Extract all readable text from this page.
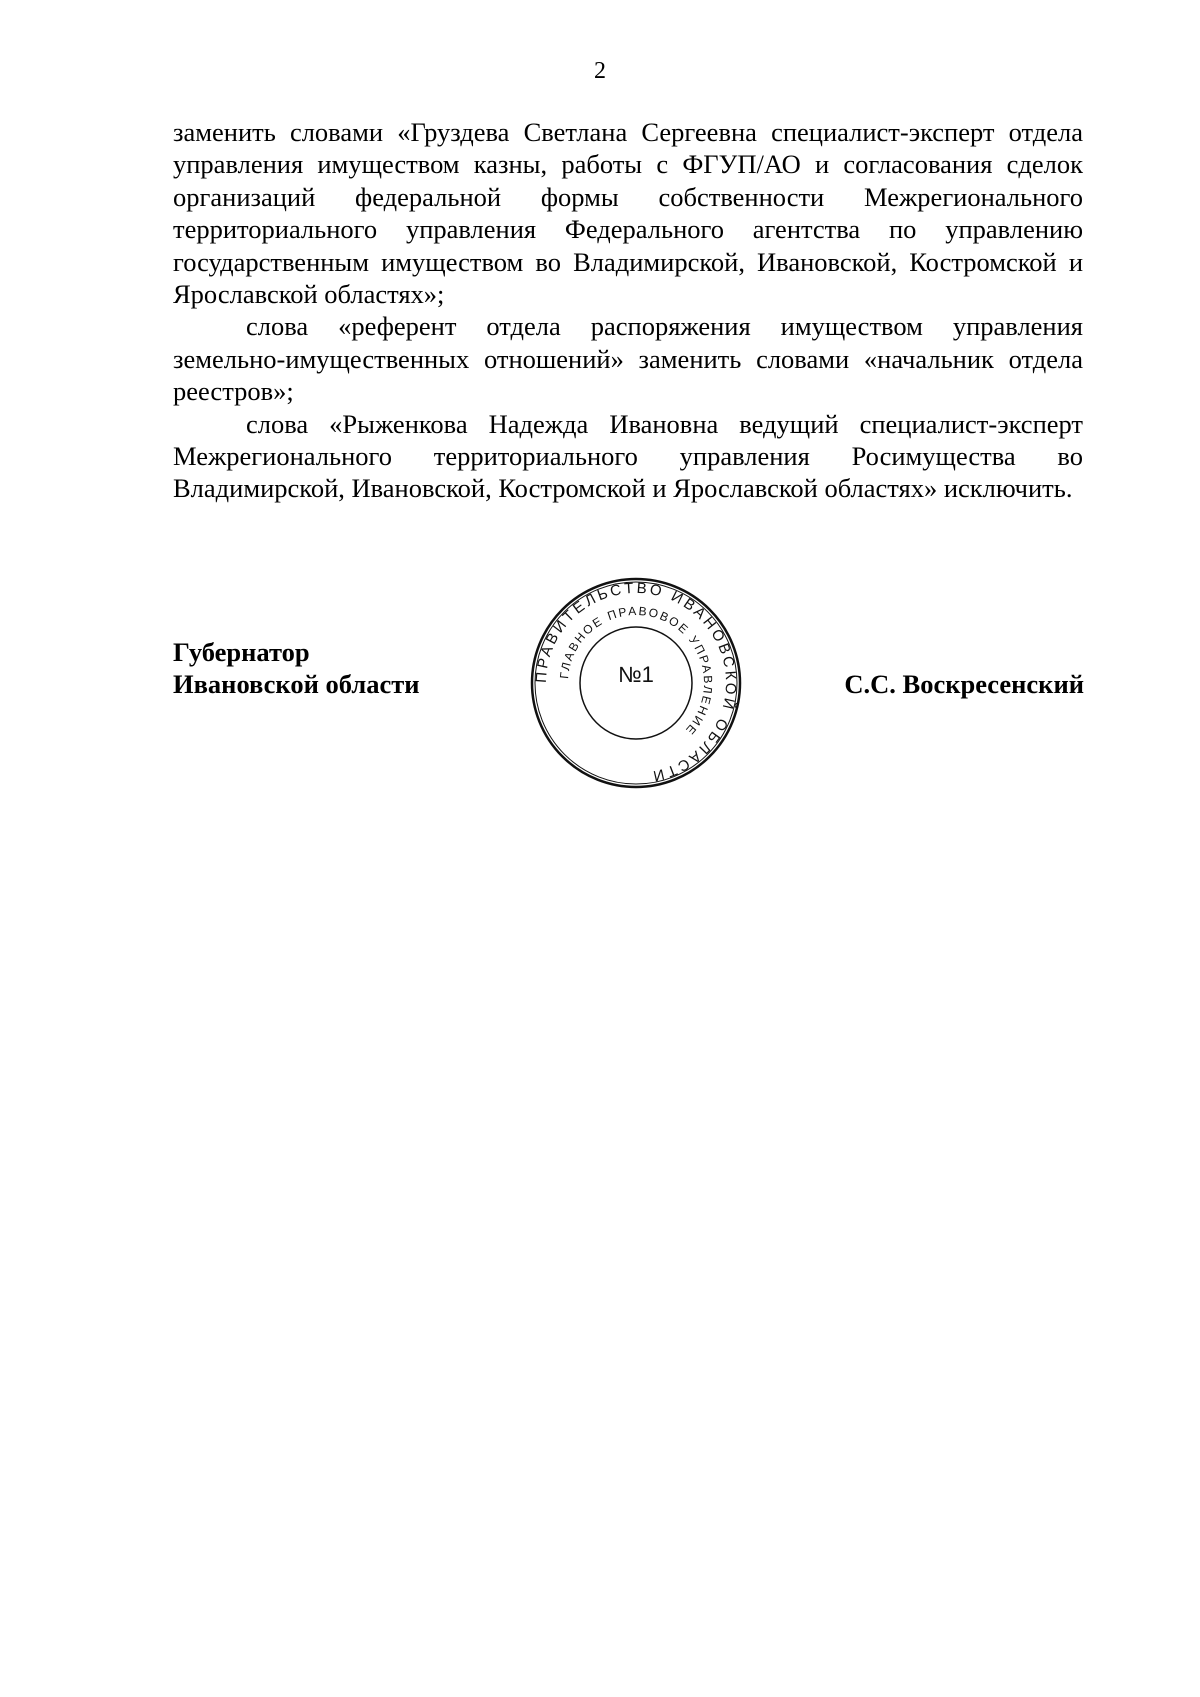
2

заменить словами «Груздева Светлана Сергеевна специалист-эксперт отдела управления имуществом казны, работы с ФГУП/АО и согласования сделок организаций федеральной формы собственности Межрегионального территориального управления Федерального агентства по управлению государственным имуществом во Владимирской, Ивановской, Костромской и Ярославской областях»;

слова «референт отдела распоряжения имуществом управления земельно-имущественных отношений» заменить словами «начальник отдела реестров»;

слова «Рыженкова Надежда Ивановна ведущий специалист-эксперт Межрегионального территориального управления Росимущества во Владимирской, Ивановской, Костромской и Ярославской областях» исключить.

Губернатор
Ивановской области	ПРАВИТЕЛЬСТВО ИВАНОВСКОЙ ОБЛАСТИ
ГЛАВНОЕ ПРАВОВОЕ УПРАВЛЕНИЕ
№1	С.С. Воскресенский
